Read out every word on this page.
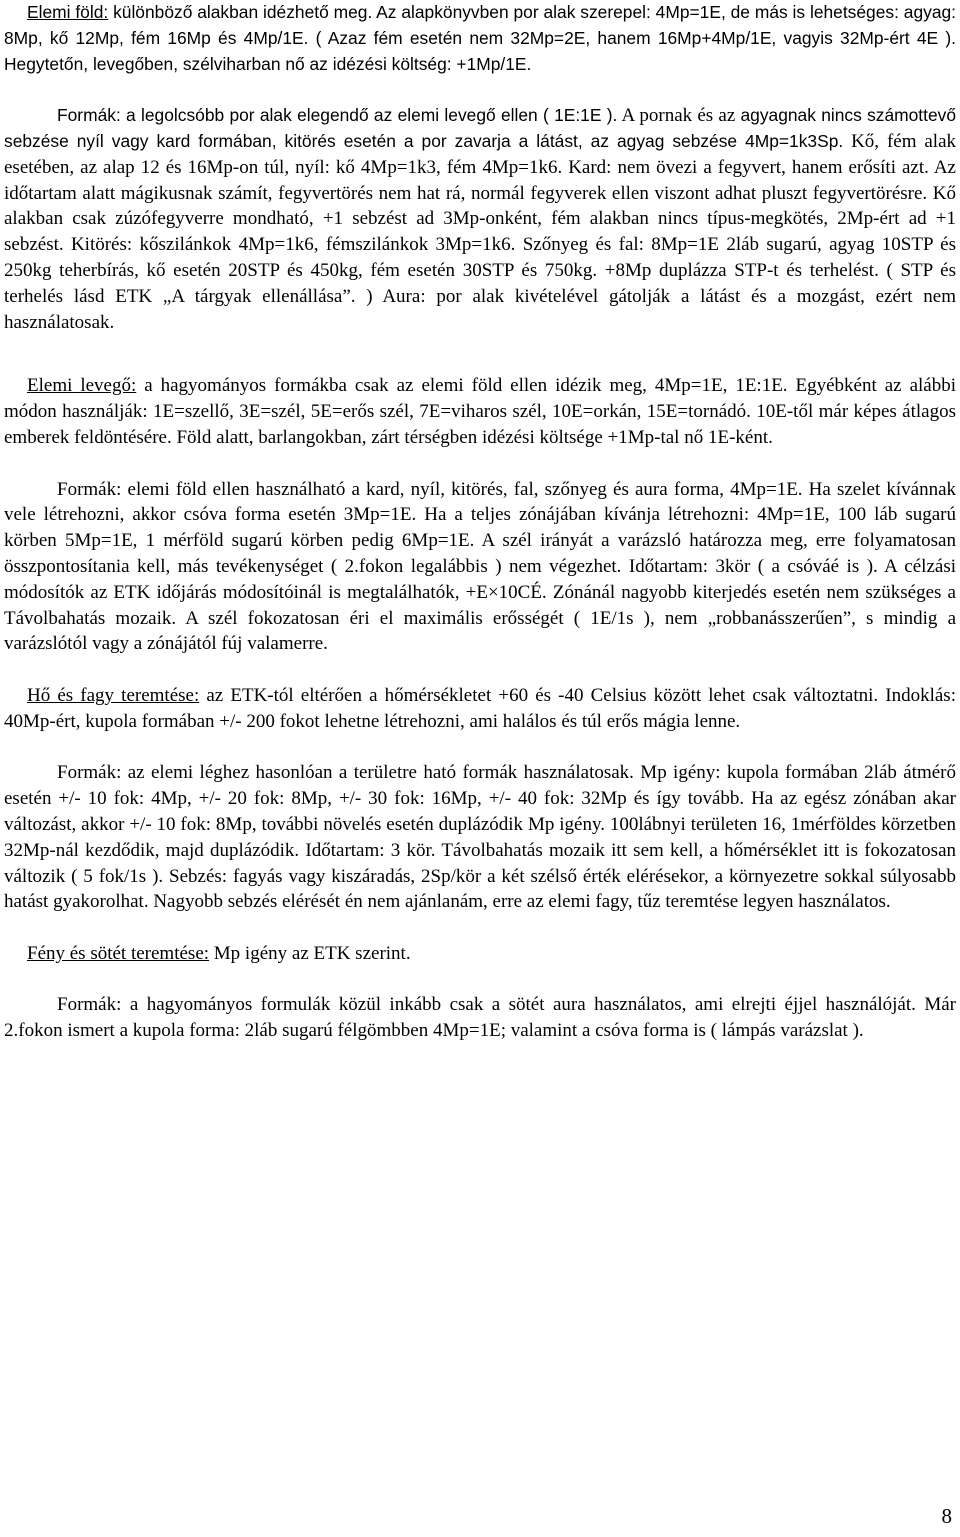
Elemi föld: különböző alakban idézhető meg. Az alapkönyvben por alak szerepel: 4Mp=1E, de más is lehetséges: agyag: 8Mp, kő 12Mp, fém 16Mp és 4Mp/1E. ( Azaz fém esetén nem 32Mp=2E, hanem 16Mp+4Mp/1E, vagyis 32Mp-ért 4E ). Hegytetőn, levegőben, szélviharban nő az idézési költség: +1Mp/1E.

Formák: a legolcsóbb por alak elegendő az elemi levegő ellen ( 1E:1E ). A pornak és az agyagnak nincs számottevő sebzése nyíl vagy kard formában, kitörés esetén a por zavarja a látást, az agyag sebzése 4Mp=1k3Sp. Kő, fém alak esetében, az alap 12 és 16Mp-on túl, nyíl: kő 4Mp=1k3, fém 4Mp=1k6. Kard: nem övezi a fegyvert, hanem erősíti azt. Az időtartam alatt mágikusnak számít, fegyvertörés nem hat rá, normál fegyverek ellen viszont adhat pluszt fegyvertörésre. Kő alakban csak zúzófegyverre mondható, +1 sebzést ad 3Mp-onként, fém alakban nincs típus-megkötés, 2Mp-ért ad +1 sebzést. Kitörés: kőszilánkok 4Mp=1k6, fémszilánkok 3Mp=1k6. Szőnyeg és fal: 8Mp=1E 2láb sugarú, agyag 10STP és 250kg teherbírás, kő esetén 20STP és 450kg, fém esetén 30STP és 750kg. +8Mp duplázza STP-t és terhelést. ( STP és terhelés lásd ETK „A tárgyak ellenállása”. ) Aura: por alak kivételével gátolják a látást és a mozgást, ezért nem használatosak.

Elemi levegő: a hagyományos formákba csak az elemi föld ellen idézik meg, 4Mp=1E, 1E:1E. Egyébként az alábbi módon használják: 1E=szellő, 3E=szél, 5E=erős szél, 7E=viharos szél, 10E=orkán, 15E=tornádó. 10E-től már képes átlagos emberek feldöntésére. Föld alatt, barlangokban, zárt térségben idézési költsége +1Mp-tal nő 1E-ként.

Formák: elemi föld ellen használható a kard, nyíl, kitörés, fal, szőnyeg és aura forma, 4Mp=1E. Ha szelet kívánnak vele létrehozni, akkor csóva forma esetén 3Mp=1E. Ha a teljes zónájában kívánja létrehozni: 4Mp=1E, 100 láb sugarú körben 5Mp=1E, 1 mérföld sugarú körben pedig 6Mp=1E. A szél irányát a varázsló határozza meg, erre folyamatosan összpontosítania kell, más tevékenységet ( 2.fokon legalábbis ) nem végezhet. Időtartam: 3kör ( a csóváé is ). A célzási módosítók az ETK időjárás módosítóinál is megtalálhatók, +E×10CÉ. Zónánál nagyobb kiterjedés esetén nem szükséges a Távolbahatás mozaik. A szél fokozatosan éri el maximális erősségét ( 1E/1s ), nem „robbanásszerűen”, s mindig a varázslótól vagy a zónájától fúj valamerre.

Hő és fagy teremtése: az ETK-tól eltérően a hőmérsékletet +60 és -40 Celsius között lehet csak változtatni. Indoklás: 40Mp-ért, kupola formában +/- 200 fokot lehetne létrehozni, ami halálos és túl erős mágia lenne.

Formák: az elemi léghez hasonlóan a területre ható formák használatosak. Mp igény: kupola formában 2láb átmérő esetén +/- 10 fok: 4Mp, +/- 20 fok: 8Mp, +/- 30 fok: 16Mp, +/- 40 fok: 32Mp és így tovább. Ha az egész zónában akar változást, akkor +/- 10 fok: 8Mp, további növelés esetén duplázódik Mp igény. 100lábnyi területen 16, 1mérföldes körzetben 32Mp-nál kezdődik, majd duplázódik. Időtartam: 3 kör. Távolbahatás mozaik itt sem kell, a hőmérséklet itt is fokozatosan változik ( 5 fok/1s ). Sebzés: fagyás vagy kiszáradás, 2Sp/kör a két szélső érték elérésekor, a környezetre sokkal súlyosabb hatást gyakorolhat. Nagyobb sebzés elérését én nem ajánlanám, erre az elemi fagy, tűz teremtése legyen használatos.

Fény és sötét teremtése: Mp igény az ETK szerint.

Formák: a hagyományos formulák közül inkább csak a sötét aura használatos, ami elrejti éjjel használóját. Már 2.fokon ismert a kupola forma: 2láb sugarú félgömbben 4Mp=1E; valamint a csóva forma is ( lámpás varázslat ).

8
